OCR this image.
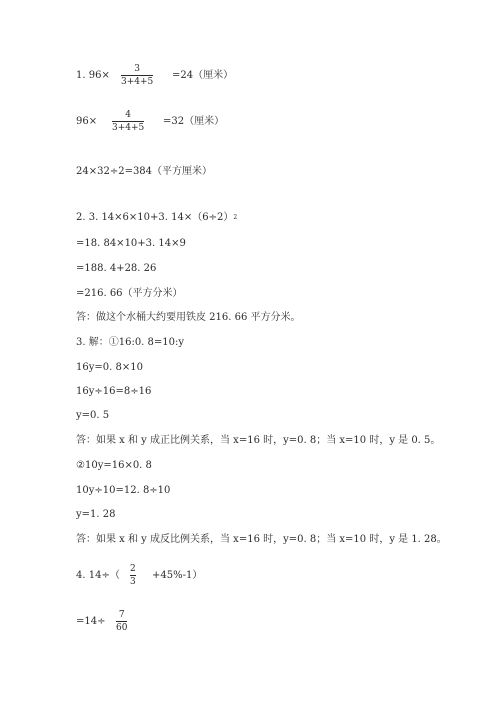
1. 96×
3
3+4+5
=24（厘米）
96×
4
3+4+5
=32（厘米）
24×32÷2=384（平方厘米）
2. 3. 14×6×10+3. $14\times(6\div 2)^2$
=18. 84×10+3. 14×9
=188. 4+28. 26
=216. 66（平方分米）
答：做这个水桶大约要用铁皮 216. 66 平方分米。
3. 解：①16:0. 8=10:y
16y=0. 8×10
16y÷16=8÷16
y=0. 5
答：如果 x 和 y 成正比例关系，当 x=16 时，y=0. 8；当 x=10 时，y 是 0. 5。
②10y=16×0. 8
10y÷10=12. 8÷10
y=1. 28
答：如果 x 和 y 成反比例关系，当 x=16 时，y=0. 8；当 x=10 时，y 是 1. 28。
4. 14÷（
2
3
+45%-1）
=14÷
7
60
